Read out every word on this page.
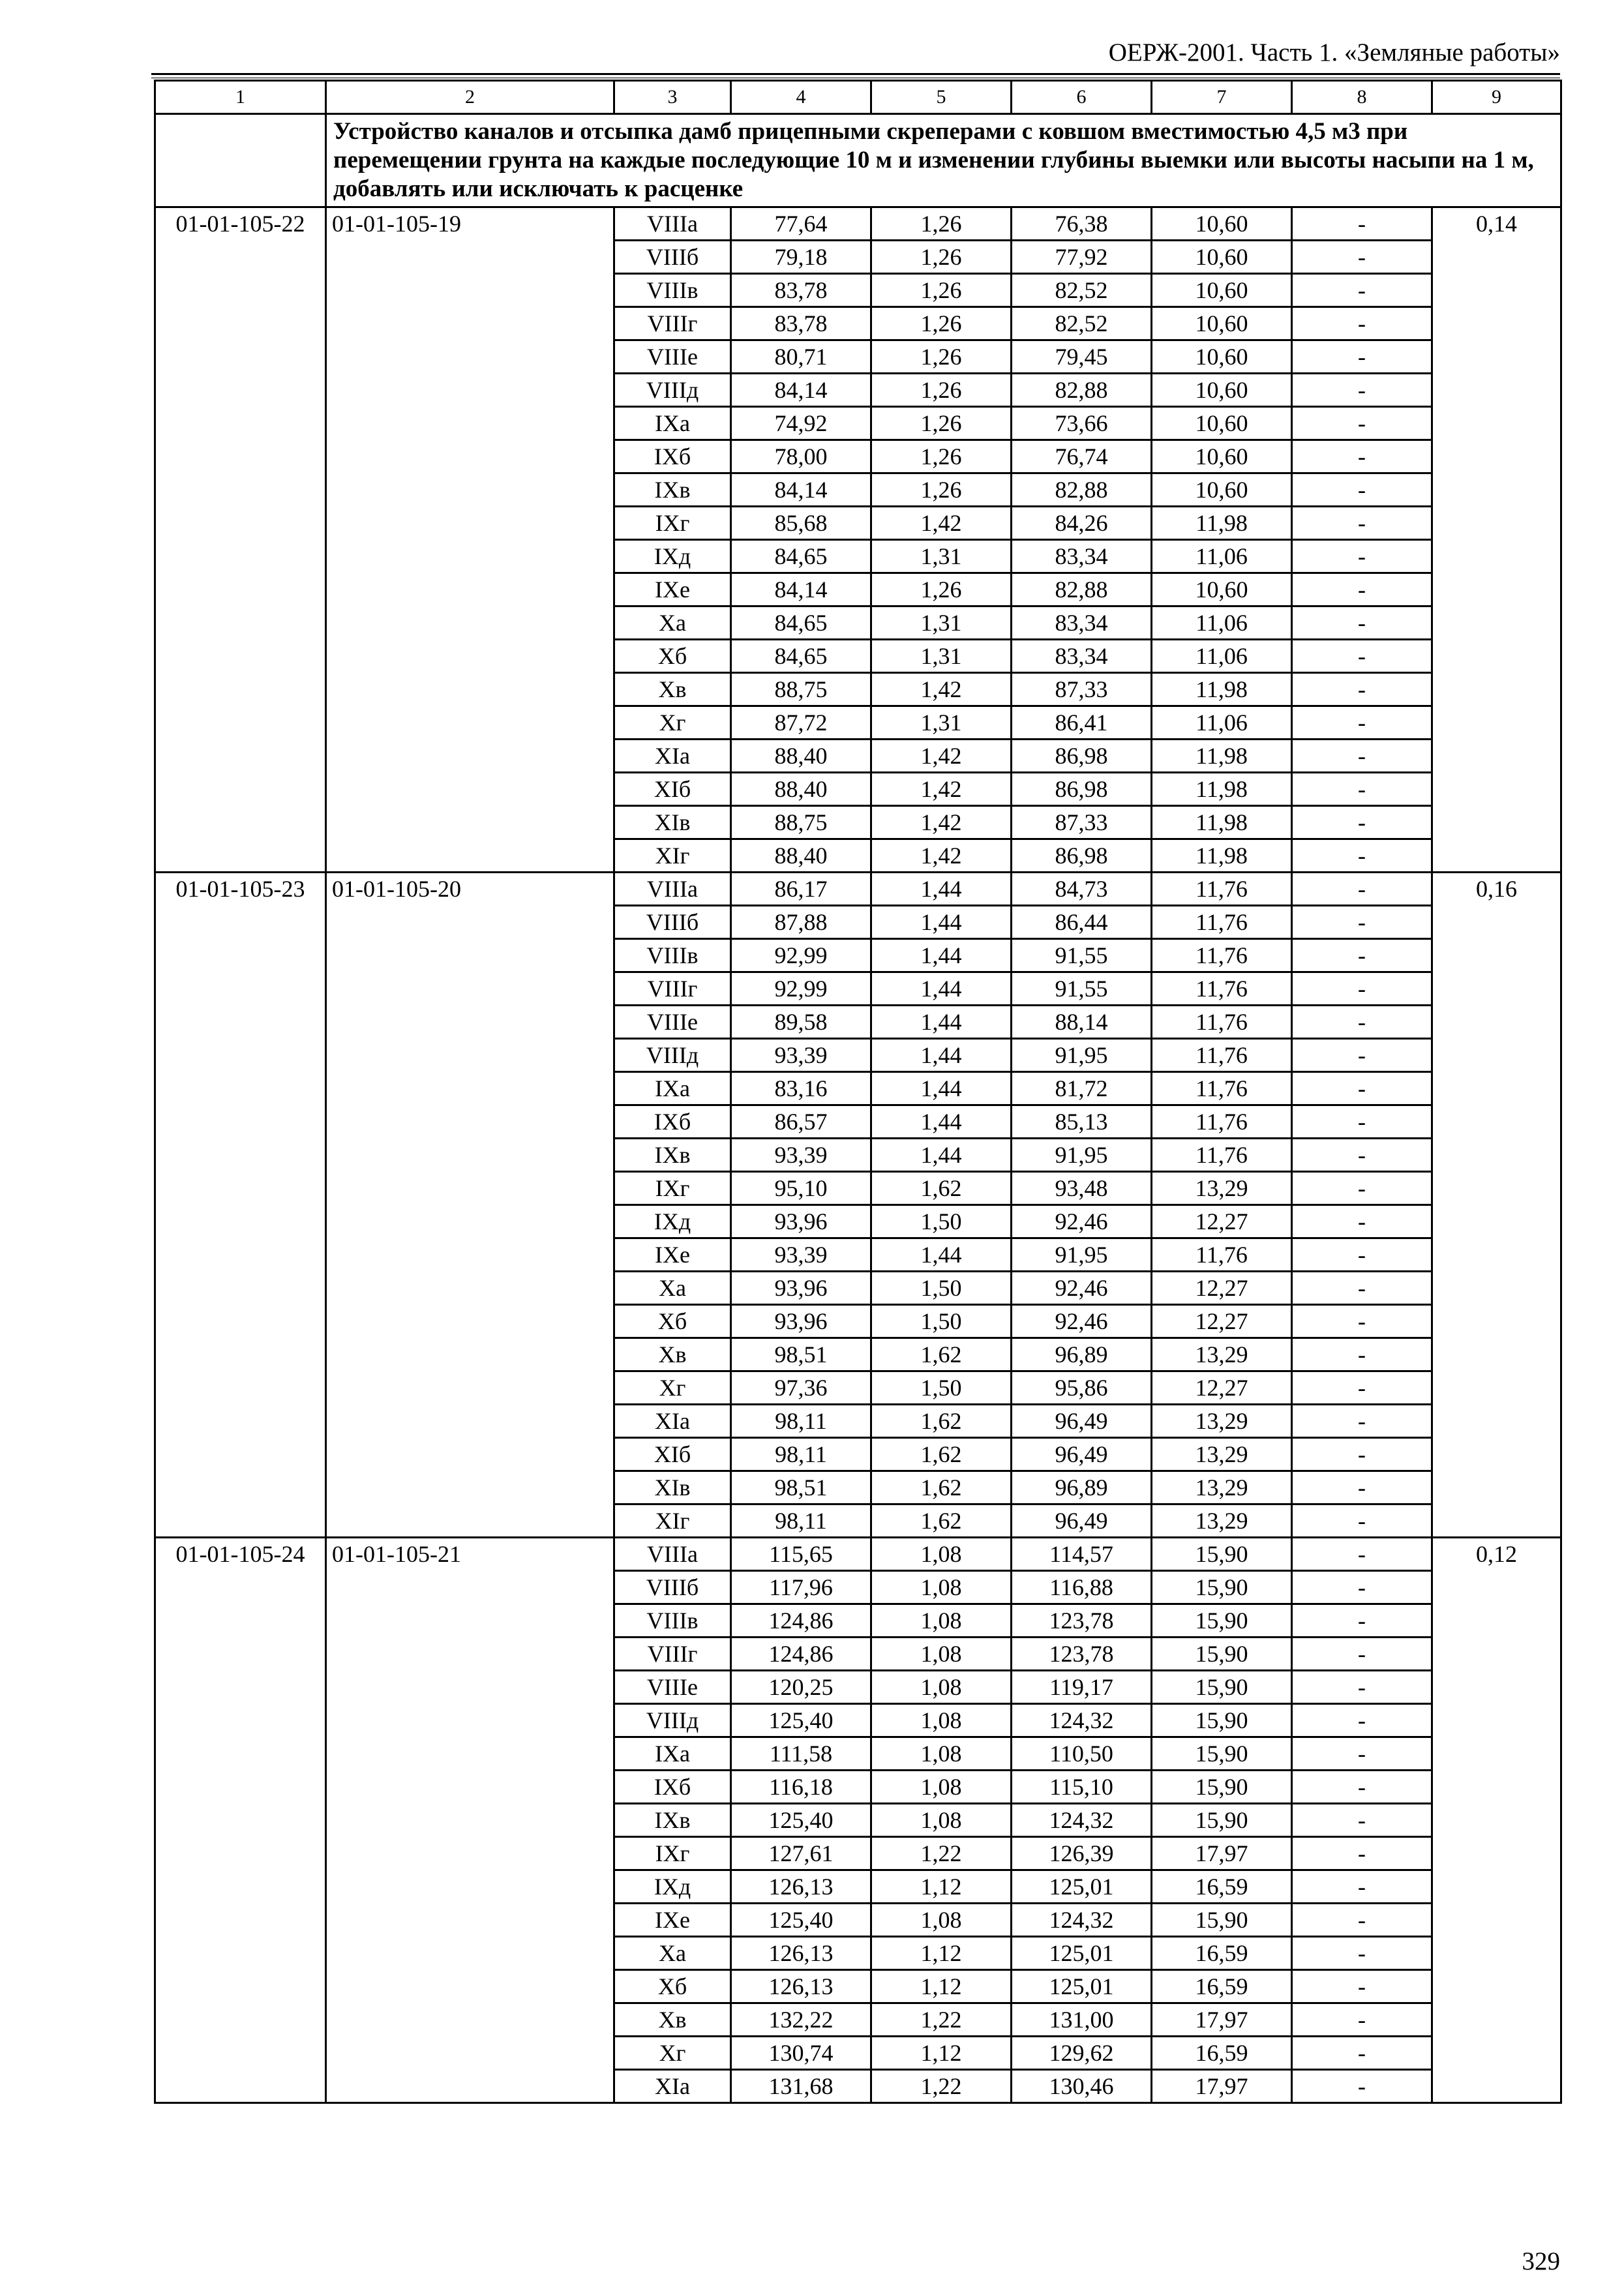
ОЕРЖ-2001. Часть 1. «Земляные работы»
1	2	3	4	5	6	7	8	9
	Устройство каналов и отсыпка дамб прицепными скреперами с ковшом вместимостью 4,5 м3 при перемещении грунта на каждые последующие 10 м и изменении глубины выемки или высоты насыпи на 1 м, добавлять или исключать к расценке							
01-01-105-22	01-01-105-19	VIIIа	77,64	1,26	76,38	10,60	-	0,14
		VIIIб	79,18	1,26	77,92	10,60	-	
		VIIIв	83,78	1,26	82,52	10,60	-	
		VIIIг	83,78	1,26	82,52	10,60	-	
		VIIIе	80,71	1,26	79,45	10,60	-	
		VIIIд	84,14	1,26	82,88	10,60	-	
		IXа	74,92	1,26	73,66	10,60	-	
		IXб	78,00	1,26	76,74	10,60	-	
		IXв	84,14	1,26	82,88	10,60	-	
		IXг	85,68	1,42	84,26	11,98	-	
		IXд	84,65	1,31	83,34	11,06	-	
		IXе	84,14	1,26	82,88	10,60	-	
		Xа	84,65	1,31	83,34	11,06	-	
		Xб	84,65	1,31	83,34	11,06	-	
		Xв	88,75	1,42	87,33	11,98	-	
		Xг	87,72	1,31	86,41	11,06	-	
		XIа	88,40	1,42	86,98	11,98	-	
		XIб	88,40	1,42	86,98	11,98	-	
		XIв	88,75	1,42	87,33	11,98	-	
		XIг	88,40	1,42	86,98	11,98	-	
01-01-105-23	01-01-105-20	VIIIа	86,17	1,44	84,73	11,76	-	0,16
		VIIIб	87,88	1,44	86,44	11,76	-	
		VIIIв	92,99	1,44	91,55	11,76	-	
		VIIIг	92,99	1,44	91,55	11,76	-	
		VIIIе	89,58	1,44	88,14	11,76	-	
		VIIIд	93,39	1,44	91,95	11,76	-	
		IXа	83,16	1,44	81,72	11,76	-	
		IXб	86,57	1,44	85,13	11,76	-	
		IXв	93,39	1,44	91,95	11,76	-	
		IXг	95,10	1,62	93,48	13,29	-	
		IXд	93,96	1,50	92,46	12,27	-	
		IXе	93,39	1,44	91,95	11,76	-	
		Xа	93,96	1,50	92,46	12,27	-	
		Xб	93,96	1,50	92,46	12,27	-	
		Xв	98,51	1,62	96,89	13,29	-	
		Xг	97,36	1,50	95,86	12,27	-	
		XIа	98,11	1,62	96,49	13,29	-	
		XIб	98,11	1,62	96,49	13,29	-	
		XIв	98,51	1,62	96,89	13,29	-	
		XIг	98,11	1,62	96,49	13,29	-	
01-01-105-24	01-01-105-21	VIIIа	115,65	1,08	114,57	15,90	-	0,12
		VIIIб	117,96	1,08	116,88	15,90	-	
		VIIIв	124,86	1,08	123,78	15,90	-	
		VIIIг	124,86	1,08	123,78	15,90	-	
		VIIIе	120,25	1,08	119,17	15,90	-	
		VIIIд	125,40	1,08	124,32	15,90	-	
		IXа	111,58	1,08	110,50	15,90	-	
		IXб	116,18	1,08	115,10	15,90	-	
		IXв	125,40	1,08	124,32	15,90	-	
		IXг	127,61	1,22	126,39	17,97	-	
		IXд	126,13	1,12	125,01	16,59	-	
		IXе	125,40	1,08	124,32	15,90	-	
		Xа	126,13	1,12	125,01	16,59	-	
		Xб	126,13	1,12	125,01	16,59	-	
		Xв	132,22	1,22	131,00	17,97	-	
		Xг	130,74	1,12	129,62	16,59	-	
		XIа	131,68	1,22	130,46	17,97	-	
329
